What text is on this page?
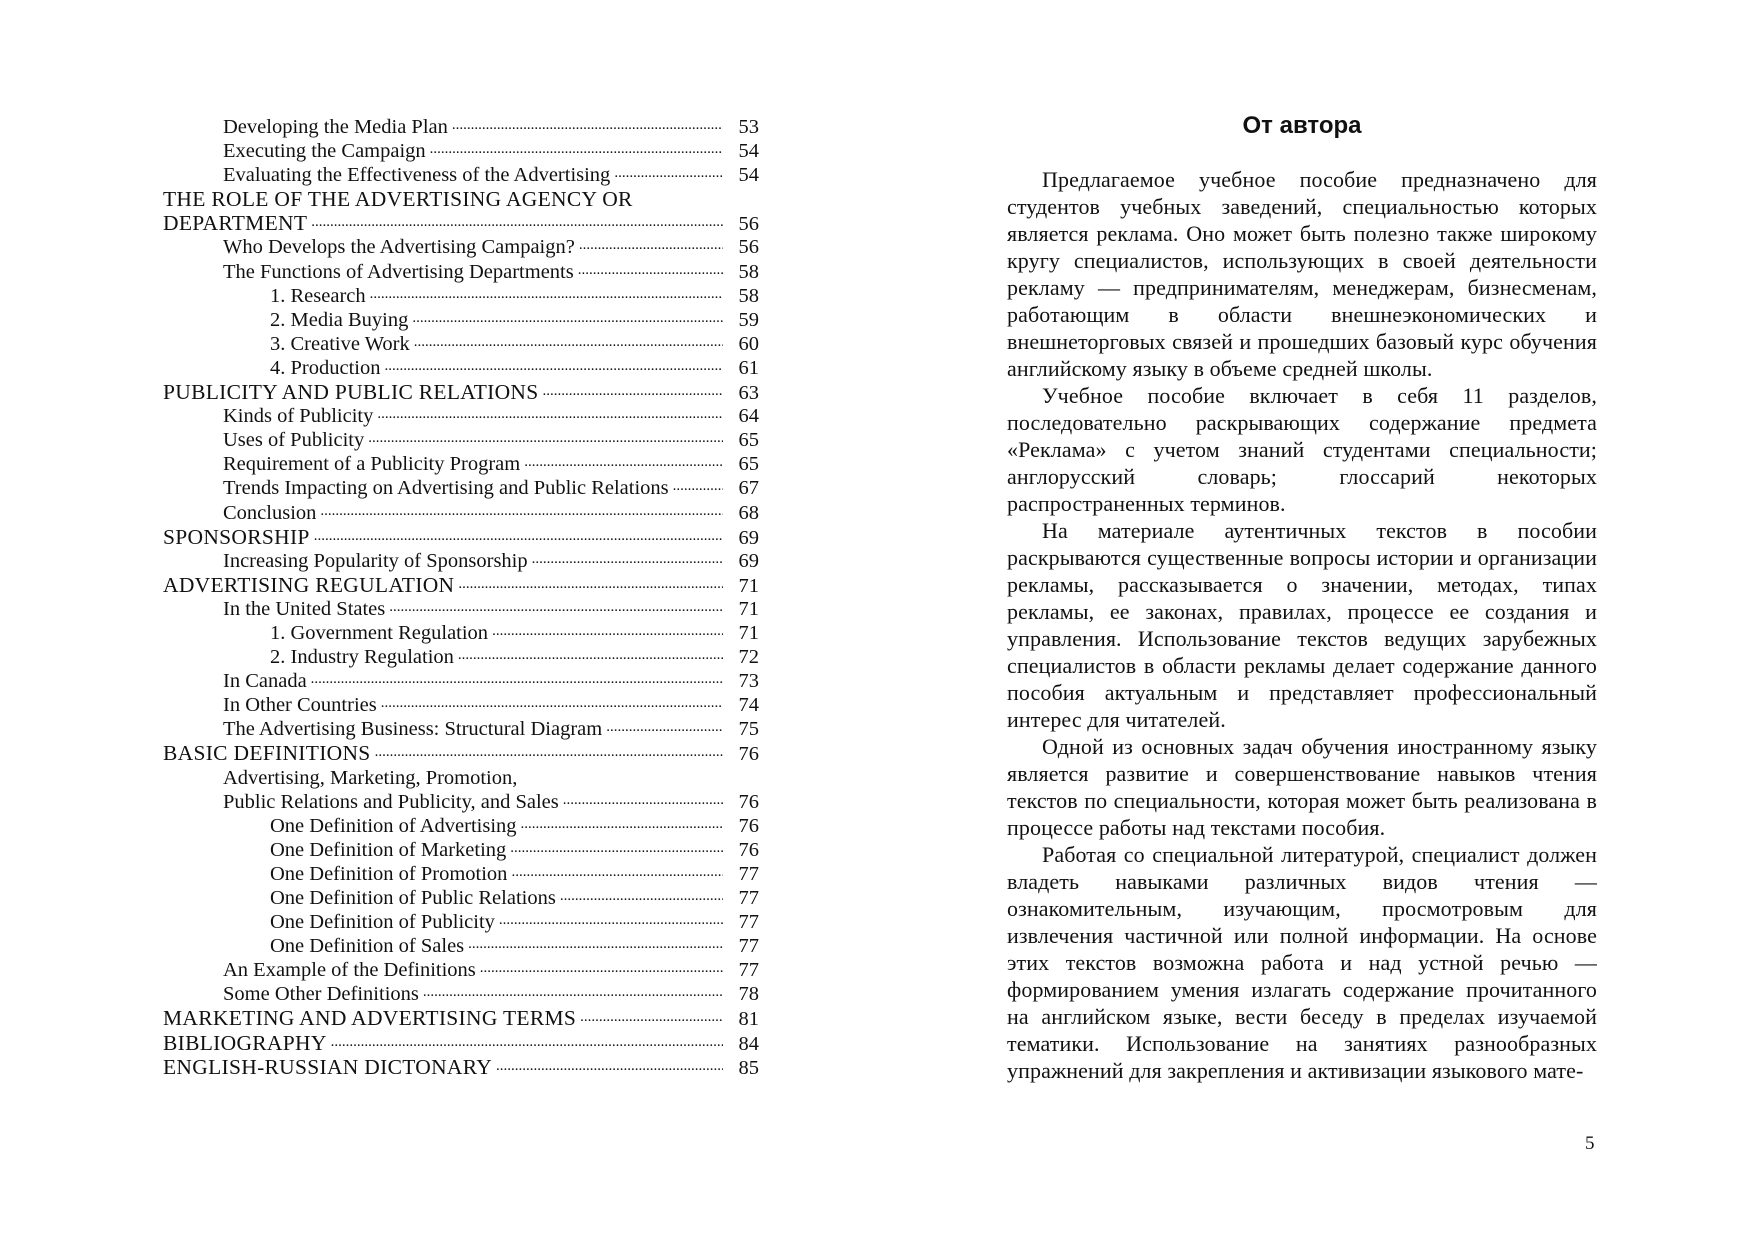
Developing the Media Plan .....	53
Executing the Campaign .....	54
Evaluating the Effectiveness of the Advertising .....	54
THE ROLE OF THE ADVERTISING AGENCY OR
DEPARTMENT .....	56
Who Develops the Advertising Campaign? .....	56
The Functions of Advertising Departments .....	58
1. Research .....	58
2. Media Buying .....	59
3. Creative Work .....	60
4. Production .....	61
PUBLICITY AND PUBLIC RELATIONS .....	63
Kinds of Publicity .....	64
Uses of Publicity .....	65
Requirement of a Publicity Program .....	65
Trends Impacting on Advertising and Public Relations .....	67
Conclusion .....	68
SPONSORSHIP .....	69
Increasing Popularity of Sponsorship .....	69
ADVERTISING REGULATION .....	71
In the United States .....	71
1. Government Regulation .....	71
2. Industry Regulation .....	72
In Canada .....	73
In Other Countries .....	74
The Advertising Business: Structural Diagram .....	75
BASIC DEFINITIONS .....	76
Advertising, Marketing, Promotion,
Public Relations and Publicity, and Sales .....	76
One Definition of Advertising .....	76
One Definition of Marketing .....	76
One Definition of Promotion .....	77
One Definition of Public Relations .....	77
One Definition of Publicity .....	77
One Definition of Sales .....	77
An Example of the Definitions .....	77
Some Other Definitions .....	78
MARKETING AND ADVERTISING TERMS .....	81
BIBLIOGRAPHY .....	84
ENGLISH-RUSSIAN DICTONARY .....	85
От автора

Предлагаемое учебное пособие предназначено для студентов учебных заведений, специальностью которых является реклама. Оно может быть полезно также широкому кругу специалистов, использующих в своей деятельности рекламу — предпринимателям, менеджерам, бизнесменам, работающим в области внешнеэкономических и внешнеторговых связей и прошедших базовый курс обучения английскому языку в объеме средней школы.

Учебное пособие включает в себя 11 разделов, последовательно раскрывающих содержание предмета «Реклама» с учетом знаний студентами специальности; англорусский словарь; глоссарий некоторых распространенных терминов.

На материале аутентичных текстов в пособии раскрываются существенные вопросы истории и организации рекламы, рассказывается о значении, методах, типах рекламы, ее законах, правилах, процессе ее создания и управления. Использование текстов ведущих зарубежных специалистов в области рекламы делает содержание данного пособия актуальным и представляет профессиональный интерес для читателей.

Одной из основных задач обучения иностранному языку является развитие и совершенствование навыков чтения текстов по специальности, которая может быть реализована в процессе работы над текстами пособия.

Работая со специальной литературой, специалист должен владеть навыками различных видов чтения — ознакомительным, изучающим, просмотровым для извлечения частичной или полной информации. На основе этих текстов возможна работа и над устной речью — формированием умения излагать содержание прочитанного на английском языке, вести беседу в пределах изучаемой тематики. Использование на занятиях разнообразных упражнений для закрепления и активизации языкового мате-

5
